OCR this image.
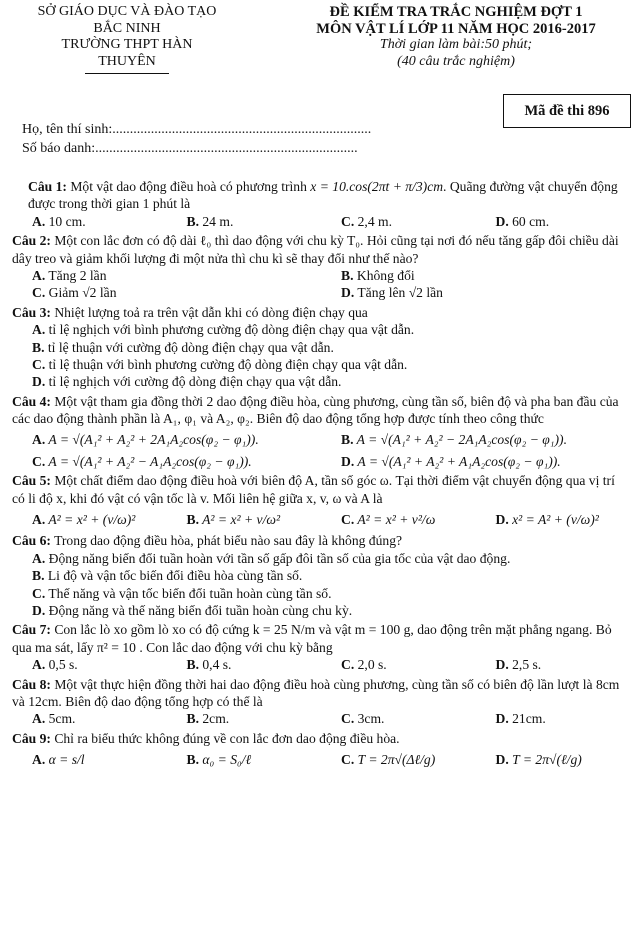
SỞ GIÁO DỤC VÀ ĐÀO TẠO
BẮC NINH
TRƯỜNG THPT HÀN
THUYÊN
ĐỀ KIỂM TRA TRẮC NGHIỆM ĐỢT 1
MÔN VẬT LÍ LỚP 11 NĂM HỌC 2016-2017
Thời gian làm bài:50 phút;
(40 câu trắc nghiệm)
Mã đề thi 896
Họ, tên thí sinh:..........................................................................
Số báo danh:...........................................................................
Câu 1: Một vật dao động điều hoà có phương trình x = 10.cos(2πt + π/3)cm. Quãng đường vật chuyển động được trong thời gian 1 phút là
A. 10 cm.	B. 24 m.	C. 2,4 m.	D. 60 cm.
Câu 2: Một con lắc đơn có độ dài ℓ₀ thì dao động với chu kỳ T₀. Hỏi cũng tại nơi đó nếu tăng gấp đôi chiều dài dây treo và giảm khối lượng đi một nửa thì chu kì sẽ thay đổi như thế nào?
A. Tăng 2 lần	B. Không đổi
C. Giảm √2 lần	D. Tăng lên √2 lần
Câu 3: Nhiệt lượng toả ra trên vật dẫn khi có dòng điện chạy qua
A. tỉ lệ nghịch với bình phương cường độ dòng điện chạy qua vật dẫn.
B. tỉ lệ thuận với cường độ dòng điện chạy qua vật dẫn.
C. tỉ lệ thuận với bình phương cường độ dòng điện chạy qua vật dẫn.
D. tỉ lệ nghịch với cường độ dòng điện chạy qua vật dẫn.
Câu 4: Một vật tham gia đồng thời 2 dao động điều hòa, cùng phương, cùng tần số, biên độ và pha ban đầu của các dao động thành phần là A₁, φ₁ và A₂, φ₂. Biên độ dao động tổng hợp được tính theo công thức
A. A = √(A₁² + A₂² + 2A₁A₂cos(φ₂ − φ₁)).	B. A = √(A₁² + A₂² − 2A₁A₂cos(φ₂ − φ₁)).
C. A = √(A₁² + A₂² − A₁A₂cos(φ₂ − φ₁)).	D. A = √(A₁² + A₂² + A₁A₂cos(φ₂ − φ₁)).
Câu 5: Một chất điểm dao động điều hoà với biên độ A, tần số góc ω. Tại thời điểm vật chuyển động qua vị trí có li độ x, khi đó vật có vận tốc là v. Mối liên hệ giữa x, v, ω và A là
A. A² = x² + (v/ω)²	B. A² = x² + v/ω²	C. A² = x² + v²/ω	D. x² = A² + (v/ω)²
Câu 6: Trong dao động điều hòa, phát biểu nào sau đây là không đúng?
A. Động năng biến đổi tuần hoàn với tần số gấp đôi tần số của gia tốc của vật dao động.
B. Li độ và vận tốc biến đổi điều hòa cùng tần số.
C. Thế năng và vận tốc biến đổi tuần hoàn cùng tần số.
D. Động năng và thế năng biến đổi tuần hoàn cùng chu kỳ.
Câu 7: Con lắc lò xo gồm lò xo có độ cứng k = 25 N/m và vật m = 100 g, dao động trên mặt phẳng ngang. Bỏ qua ma sát, lấy π² = 10 . Con lắc dao động với chu kỳ bằng
A. 0,5 s.	B. 0,4 s.	C. 2,0 s.	D. 2,5 s.
Câu 8: Một vật thực hiện đồng thời hai dao động điều hoà cùng phương, cùng tần số có biên độ lần lượt là 8cm và 12cm. Biên độ dao động tổng hợp có thể là
A. 5cm.	B. 2cm.	C. 3cm.	D. 21cm.
Câu 9: Chỉ ra biểu thức không đúng về con lắc đơn dao động điều hòa.
A. α = s/l	B. α₀ = S₀/ℓ	C. T = 2π√(Δℓ/g)	D. T = 2π√(ℓ/g)
